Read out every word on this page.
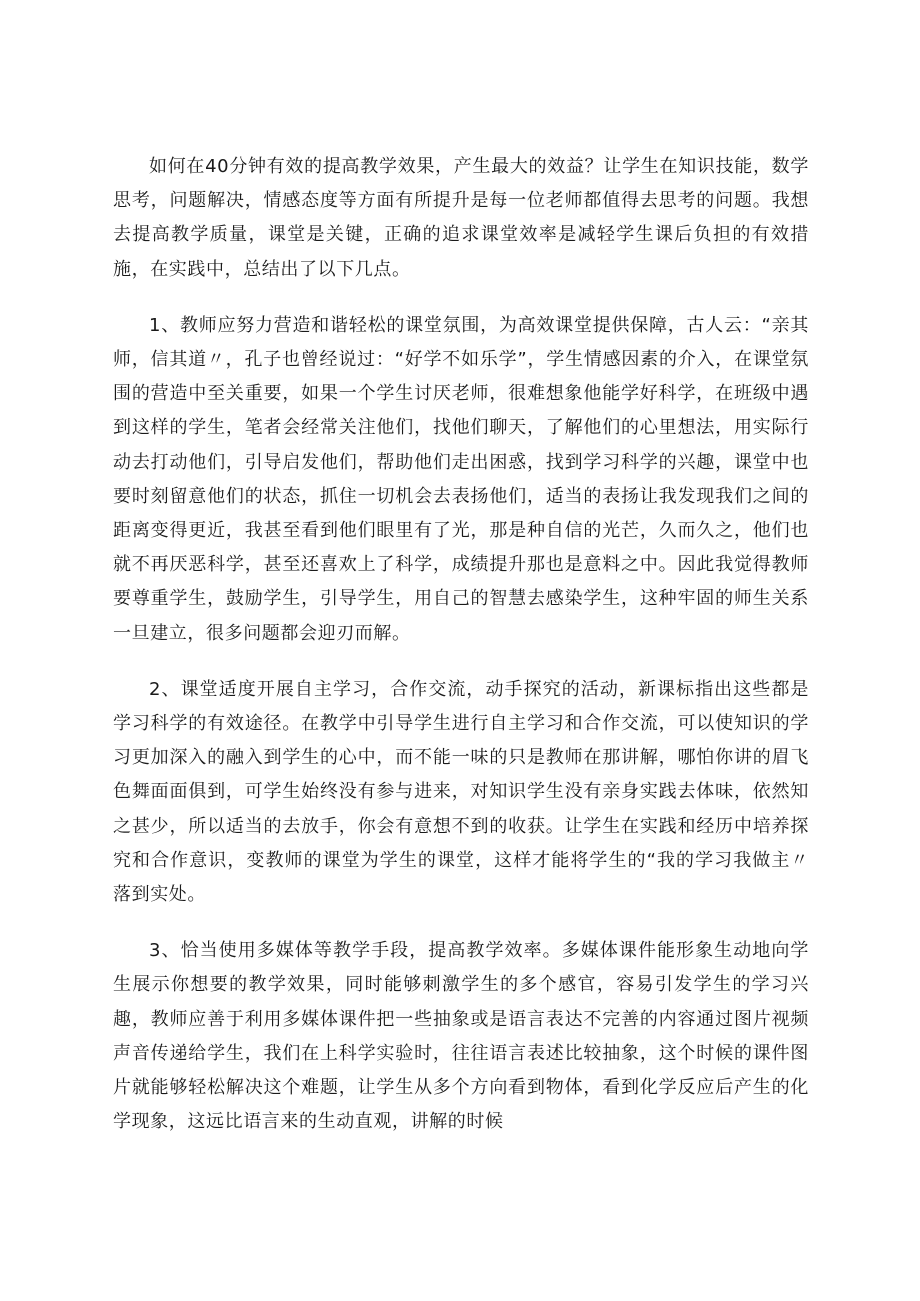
如何在40分钟有效的提高教学效果，产生最大的效益？让学生在知识技能，数学思考，问题解决，情感态度等方面有所提升是每一位老师都值得去思考的问题。我想去提高教学质量，课堂是关键，正确的追求课堂效率是减轻学生课后负担的有效措施，在实践中，总结出了以下几点。

1、教师应努力营造和谐轻松的课堂氛围，为高效课堂提供保障，古人云：“亲其师，信其道〃，孔子也曾经说过：“好学不如乐学”，学生情感因素的介入，在课堂氛围的营造中至关重要，如果一个学生讨厌老师，很难想象他能学好科学，在班级中遇到这样的学生，笔者会经常关注他们，找他们聊天，了解他们的心里想法，用实际行动去打动他们，引导启发他们，帮助他们走出困惑，找到学习科学的兴趣，课堂中也要时刻留意他们的状态，抓住一切机会去表扬他们，适当的表扬让我发现我们之间的距离变得更近，我甚至看到他们眼里有了光，那是种自信的光芒，久而久之，他们也就不再厌恶科学，甚至还喜欢上了科学，成绩提升那也是意料之中。因此我觉得教师要尊重学生，鼓励学生，引导学生，用自己的智慧去感染学生，这种牢固的师生关系一旦建立，很多问题都会迎刃而解。

2、课堂适度开展自主学习，合作交流，动手探究的活动，新课标指出这些都是学习科学的有效途径。在教学中引导学生进行自主学习和合作交流，可以使知识的学习更加深入的融入到学生的心中，而不能一味的只是教师在那讲解，哪怕你讲的眉飞色舞面面俱到，可学生始终没有参与进来，对知识学生没有亲身实践去体味，依然知之甚少，所以适当的去放手，你会有意想不到的收获。让学生在实践和经历中培养探究和合作意识，变教师的课堂为学生的课堂，这样才能将学生的“我的学习我做主〃落到实处。

3、恰当使用多媒体等教学手段，提高教学效率。多媒体课件能形象生动地向学生展示你想要的教学效果，同时能够刺激学生的多个感官，容易引发学生的学习兴趣，教师应善于利用多媒体课件把一些抽象或是语言表达不完善的内容通过图片视频声音传递给学生，我们在上科学实验时，往往语言表述比较抽象，这个时候的课件图片就能够轻松解决这个难题，让学生从多个方向看到物体，看到化学反应后产生的化学现象，这远比语言来的生动直观，讲解的时候
